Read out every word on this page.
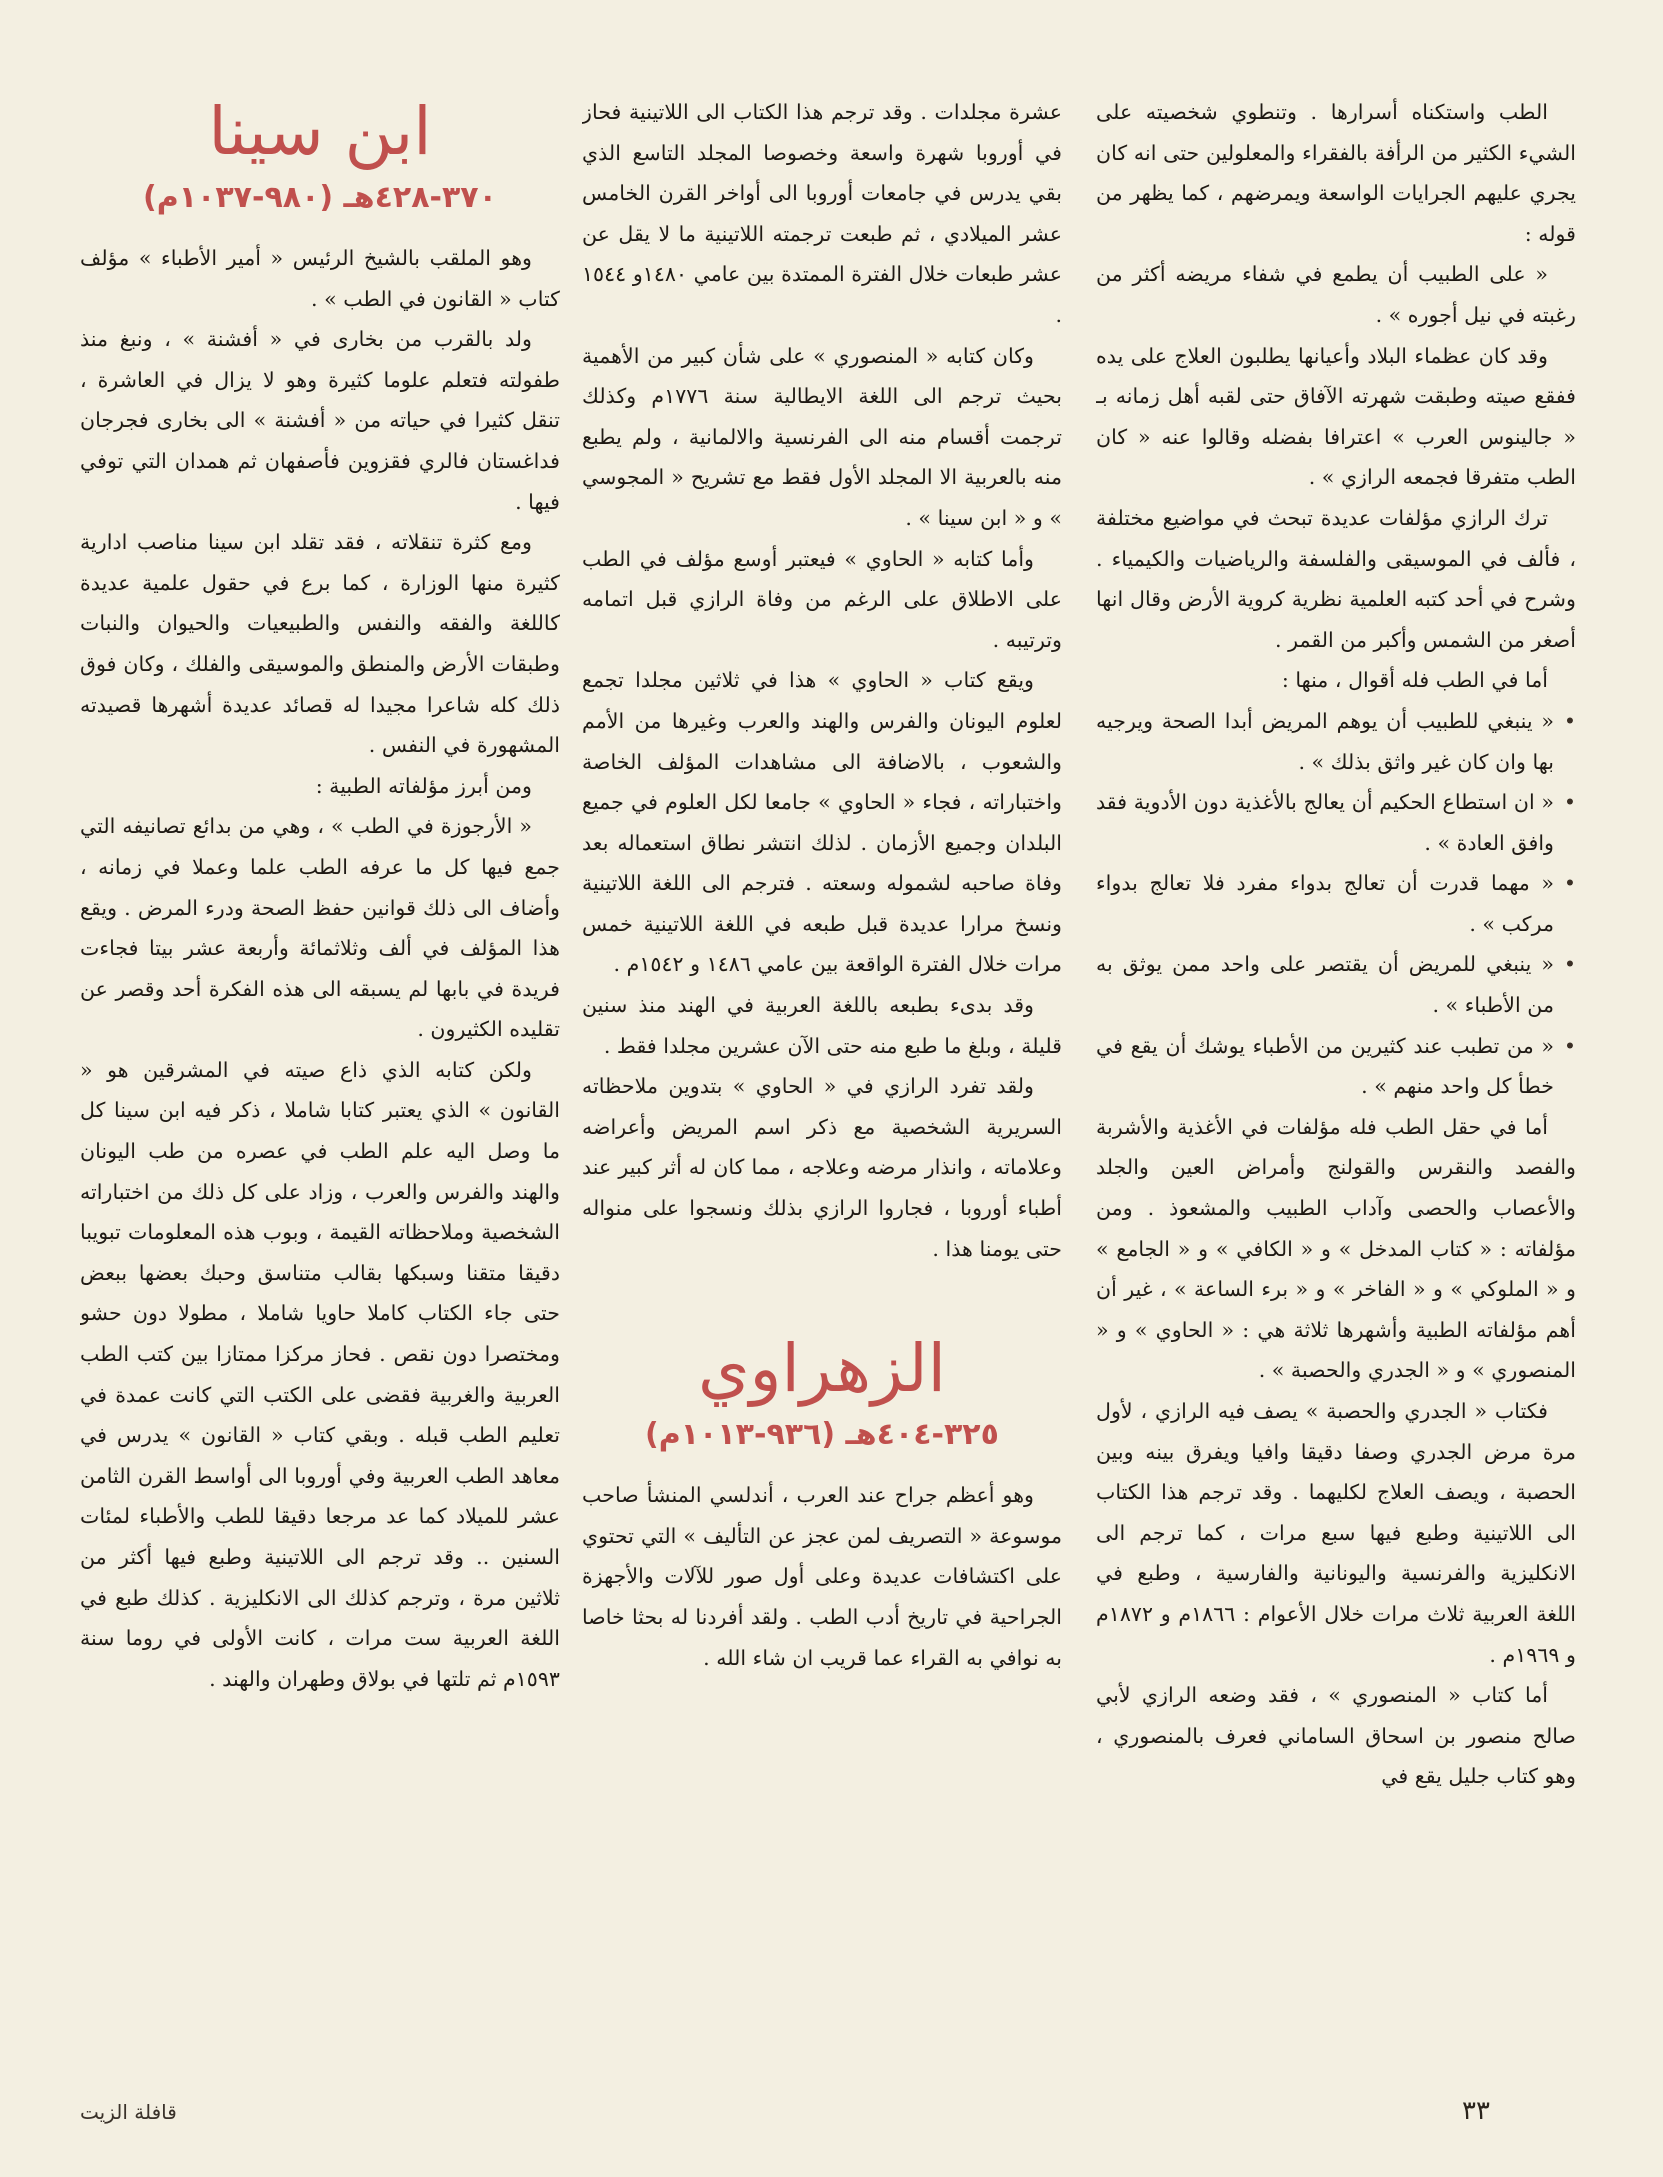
الطب واستكناه أسرارها . وتنطوي شخصيته على الشيء الكثير من الرأفة بالفقراء والمعلولين حتى انه كان يجري عليهم الجرايات الواسعة ويمرضهم ، كما يظهر من قوله :

« على الطبيب أن يطمع في شفاء مريضه أكثر من رغبته في نيل أجوره » .

وقد كان عظماء البلاد وأعيانها يطلبون العلاج على يده ففقع صيته وطبقت شهرته الآفاق حتى لقبه أهل زمانه بـ « جالينوس العرب » اعترافا بفضله وقالوا عنه « كان الطب متفرقا فجمعه الرازي » .

ترك الرازي مؤلفات عديدة تبحث في مواضيع مختلفة ، فألف في الموسيقى والفلسفة والرياضيات والكيمياء . وشرح في أحد كتبه العلمية نظرية كروية الأرض وقال انها أصغر من الشمس وأكبر من القمر .

أما في الطب فله أقوال ، منها :

• « ينبغي للطبيب أن يوهم المريض أبدا الصحة ويرجيه بها وان كان غير واثق بذلك » .

• « ان استطاع الحكيم أن يعالج بالأغذية دون الأدوية فقد وافق العادة » .

• « مهما قدرت أن تعالج بدواء مفرد فلا تعالج بدواء مركب » .

• « ينبغي للمريض أن يقتصر على واحد ممن يوثق به من الأطباء » .

• « من تطبب عند كثيرين من الأطباء يوشك أن يقع في خطأ كل واحد منهم » .

أما في حقل الطب فله مؤلفات في الأغذية والأشربة والفصد والنقرس والقولنج وأمراض العين والجلد والأعصاب والحصى وآداب الطبيب والمشعوذ . ومن مؤلفاته : « كتاب المدخل » و « الكافي » و « الجامع » و « الملوكي » و « الفاخر » و « برء الساعة » ، غير أن أهم مؤلفاته الطبية وأشهرها ثلاثة هي : « الحاوي » و « المنصوري » و « الجدري والحصبة » .

فكتاب « الجدري والحصبة » يصف فيه الرازي ، لأول مرة مرض الجدري وصفا دقيقا وافيا ويفرق بينه وبين الحصبة ، ويصف العلاج لكليهما . وقد ترجم هذا الكتاب الى اللاتينية وطبع فيها سبع مرات ، كما ترجم الى الانكليزية والفرنسية واليونانية والفارسية ، وطبع في اللغة العربية ثلاث مرات خلال الأعوام : ١٨٦٦م و ١٨٧٢م و ١٩٦٩م .

أما كتاب « المنصوري » ، فقد وضعه الرازي لأبي صالح منصور بن اسحاق الساماني فعرف بالمنصوري ، وهو كتاب جليل يقع في

عشرة مجلدات . وقد ترجم هذا الكتاب الى اللاتينية فحاز في أوروبا شهرة واسعة وخصوصا المجلد التاسع الذي بقي يدرس في جامعات أوروبا الى أواخر القرن الخامس عشر الميلادي ، ثم طبعت ترجمته اللاتينية ما لا يقل عن عشر طبعات خلال الفترة الممتدة بين عامي ١٤٨٠و ١٥٤٤ .

وكان كتابه « المنصوري » على شأن كبير من الأهمية بحيث ترجم الى اللغة الايطالية سنة ١٧٧٦م وكذلك ترجمت أقسام منه الى الفرنسية والالمانية ، ولم يطبع منه بالعربية الا المجلد الأول فقط مع تشريح « المجوسي » و « ابن سينا » .

وأما كتابه « الحاوي » فيعتبر أوسع مؤلف في الطب على الاطلاق على الرغم من وفاة الرازي قبل اتمامه وترتيبه .

ويقع كتاب « الحاوي » هذا في ثلاثين مجلدا تجمع لعلوم اليونان والفرس والهند والعرب وغيرها من الأمم والشعوب ، بالاضافة الى مشاهدات المؤلف الخاصة واختباراته ، فجاء « الحاوي » جامعا لكل العلوم في جميع البلدان وجميع الأزمان . لذلك انتشر نطاق استعماله بعد وفاة صاحبه لشموله وسعته . فترجم الى اللغة اللاتينية ونسخ مرارا عديدة قبل طبعه في اللغة اللاتينية خمس مرات خلال الفترة الواقعة بين عامي ١٤٨٦ و ١٥٤٢م .

وقد بدىء بطبعه باللغة العربية في الهند منذ سنين قليلة ، وبلغ ما طبع منه حتى الآن عشرين مجلدا فقط .

ولقد تفرد الرازي في « الحاوي » بتدوين ملاحظاته السريرية الشخصية مع ذكر اسم المريض وأعراضه وعلاماته ، وانذار مرضه وعلاجه ، مما كان له أثر كبير عند أطباء أوروبا ، فجاروا الرازي بذلك ونسجوا على منواله حتى يومنا هذا .

الزهراوي
٣٢٥-٤٠٤هـ (٩٣٦-١٠١٣م)

وهو أعظم جراح عند العرب ، أندلسي المنشأ صاحب موسوعة « التصريف لمن عجز عن التأليف » التي تحتوي على اكتشافات عديدة وعلى أول صور للآلات والأجهزة الجراحية في تاريخ أدب الطب . ولقد أفردنا له بحثا خاصا به نوافي به القراء عما قريب ان شاء الله .

ابن سينا
٣٧٠-٤٢٨هـ (٩٨٠-١٠٣٧م)

وهو الملقب بالشيخ الرئيس « أمير الأطباء » مؤلف كتاب « القانون في الطب » .

ولد بالقرب من بخارى في « أفشنة » ، ونبغ منذ طفولته فتعلم علوما كثيرة وهو لا يزال في العاشرة ، تنقل كثيرا في حياته من « أفشنة » الى بخارى فجرجان فداغستان فالري فقزوين فأصفهان ثم همدان التي توفي فيها .

ومع كثرة تنقلاته ، فقد تقلد ابن سينا مناصب ادارية كثيرة منها الوزارة ، كما برع في حقول علمية عديدة كاللغة والفقه والنفس والطبيعيات والحيوان والنبات وطبقات الأرض والمنطق والموسيقى والفلك ، وكان فوق ذلك كله شاعرا مجيدا له قصائد عديدة أشهرها قصيدته المشهورة في النفس .

ومن أبرز مؤلفاته الطبية :

« الأرجوزة في الطب » ، وهي من بدائع تصانيفه التي جمع فيها كل ما عرفه الطب علما وعملا في زمانه ، وأضاف الى ذلك قوانين حفظ الصحة ودرء المرض . ويقع هذا المؤلف في ألف وثلاثمائة وأربعة عشر بيتا فجاءت فريدة في بابها لم يسبقه الى هذه الفكرة أحد وقصر عن تقليده الكثيرون .

ولكن كتابه الذي ذاع صيته في المشرقين هو « القانون » الذي يعتبر كتابا شاملا ، ذكر فيه ابن سينا كل ما وصل اليه علم الطب في عصره من طب اليونان والهند والفرس والعرب ، وزاد على كل ذلك من اختباراته الشخصية وملاحظاته القيمة ، وبوب هذه المعلومات تبويبا دقيقا متقنا وسبكها بقالب متناسق وحبك بعضها ببعض حتى جاء الكتاب كاملا حاويا شاملا ، مطولا دون حشو ومختصرا دون نقص . فحاز مركزا ممتازا بين كتب الطب العربية والغربية فقضى على الكتب التي كانت عمدة في تعليم الطب قبله . وبقي كتاب « القانون » يدرس في معاهد الطب العربية وفي أوروبا الى أواسط القرن الثامن عشر للميلاد كما عد مرجعا دقيقا للطب والأطباء لمئات السنين .. وقد ترجم الى اللاتينية وطبع فيها أكثر من ثلاثين مرة ، وترجم كذلك الى الانكليزية . كذلك طبع في اللغة العربية ست مرات ، كانت الأولى في روما سنة ١٥٩٣م ثم تلتها في بولاق وطهران والهند .

٣٣
قافلة الزيت
